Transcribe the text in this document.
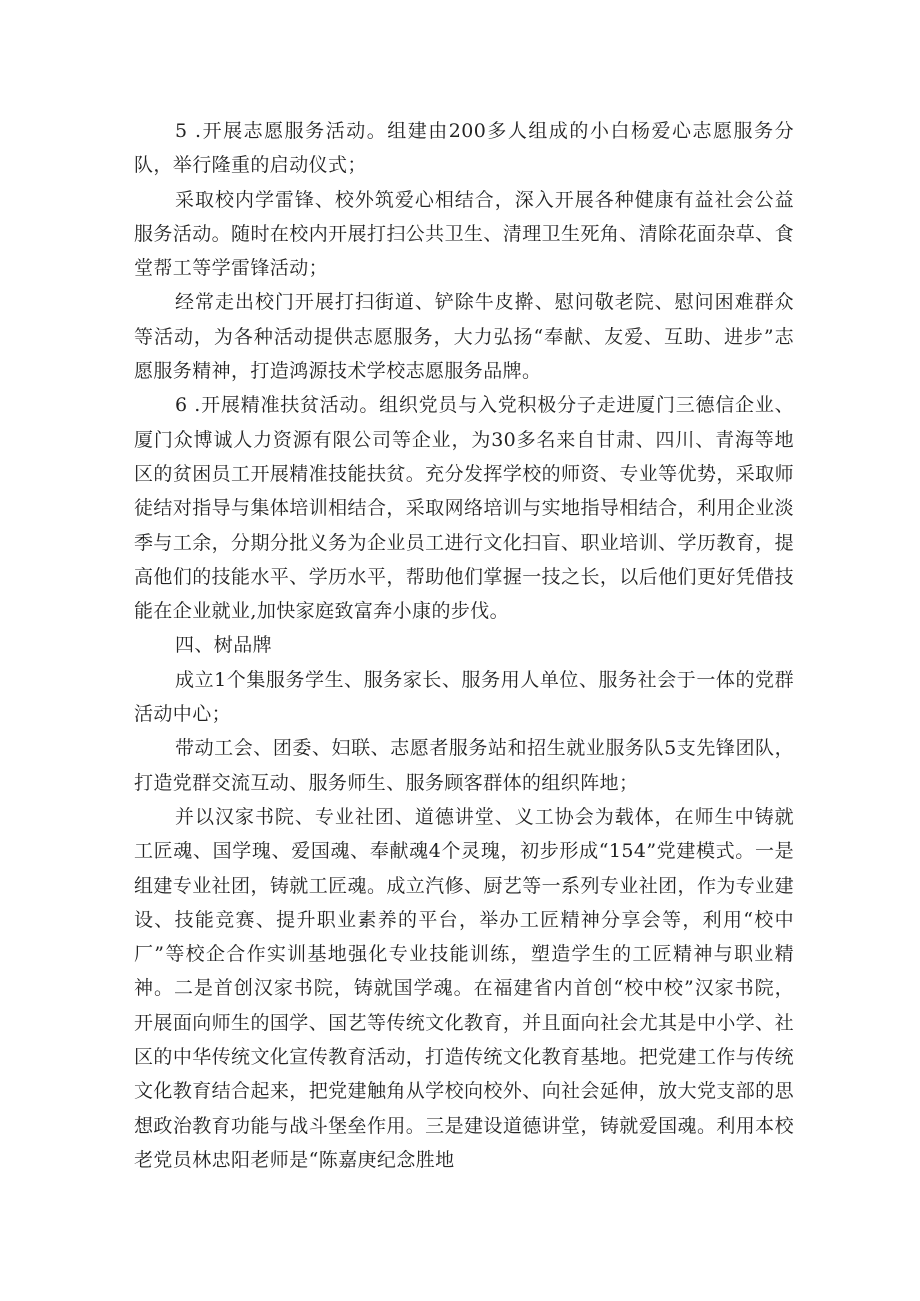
5 .开展志愿服务活动。组建由200多人组成的小白杨爱心志愿服务分队，举行隆重的启动仪式；

采取校内学雷锋、校外筑爱心相结合，深入开展各种健康有益社会公益服务活动。随时在校内开展打扫公共卫生、清理卫生死角、清除花面杂草、食堂帮工等学雷锋活动；

经常走出校门开展打扫街道、铲除牛皮擀、慰问敬老院、慰问困难群众等活动，为各种活动提供志愿服务，大力弘扬“奉献、友爱、互助、进步”志愿服务精神，打造鸿源技术学校志愿服务品牌。

6 .开展精准扶贫活动。组织党员与入党积极分子走进厦门三德信企业、厦门众博诚人力资源有限公司等企业，为30多名来自甘肃、四川、青海等地区的贫困员工开展精准技能扶贫。充分发挥学校的师资、专业等优势，采取师徒结对指导与集体培训相结合，采取网络培训与实地指导相结合，利用企业淡季与工余，分期分批义务为企业员工进行文化扫盲、职业培训、学历教育，提高他们的技能水平、学历水平，帮助他们掌握一技之长，以后他们更好凭借技能在企业就业,加快家庭致富奔小康的步伐。

四、树品牌

成立1个集服务学生、服务家长、服务用人单位、服务社会于一体的党群活动中心；

带动工会、团委、妇联、志愿者服务站和招生就业服务队5支先锋团队，打造党群交流互动、服务师生、服务顾客群体的组织阵地；

并以汉家书院、专业社团、道德讲堂、义工协会为载体，在师生中铸就工匠魂、国学瑰、爱国魂、奉献魂4个灵瑰，初步形成“154”党建模式。一是组建专业社团，铸就工匠魂。成立汽修、厨艺等一系列专业社团，作为专业建设、技能竞赛、提升职业素养的平台，举办工匠精神分享会等，利用“校中厂”等校企合作实训基地强化专业技能训练，塑造学生的工匠精神与职业精神。二是首创汉家书院，铸就国学魂。在福建省内首创“校中校”汉家书院，开展面向师生的国学、国艺等传统文化教育，并且面向社会尤其是中小学、社区的中华传统文化宣传教育活动，打造传统文化教育基地。把党建工作与传统文化教育结合起来，把党建触角从学校向校外、向社会延伸，放大党支部的思想政治教育功能与战斗堡垒作用。三是建设道德讲堂，铸就爱国魂。利用本校老党员林忠阳老师是“陈嘉庚纪念胜地
